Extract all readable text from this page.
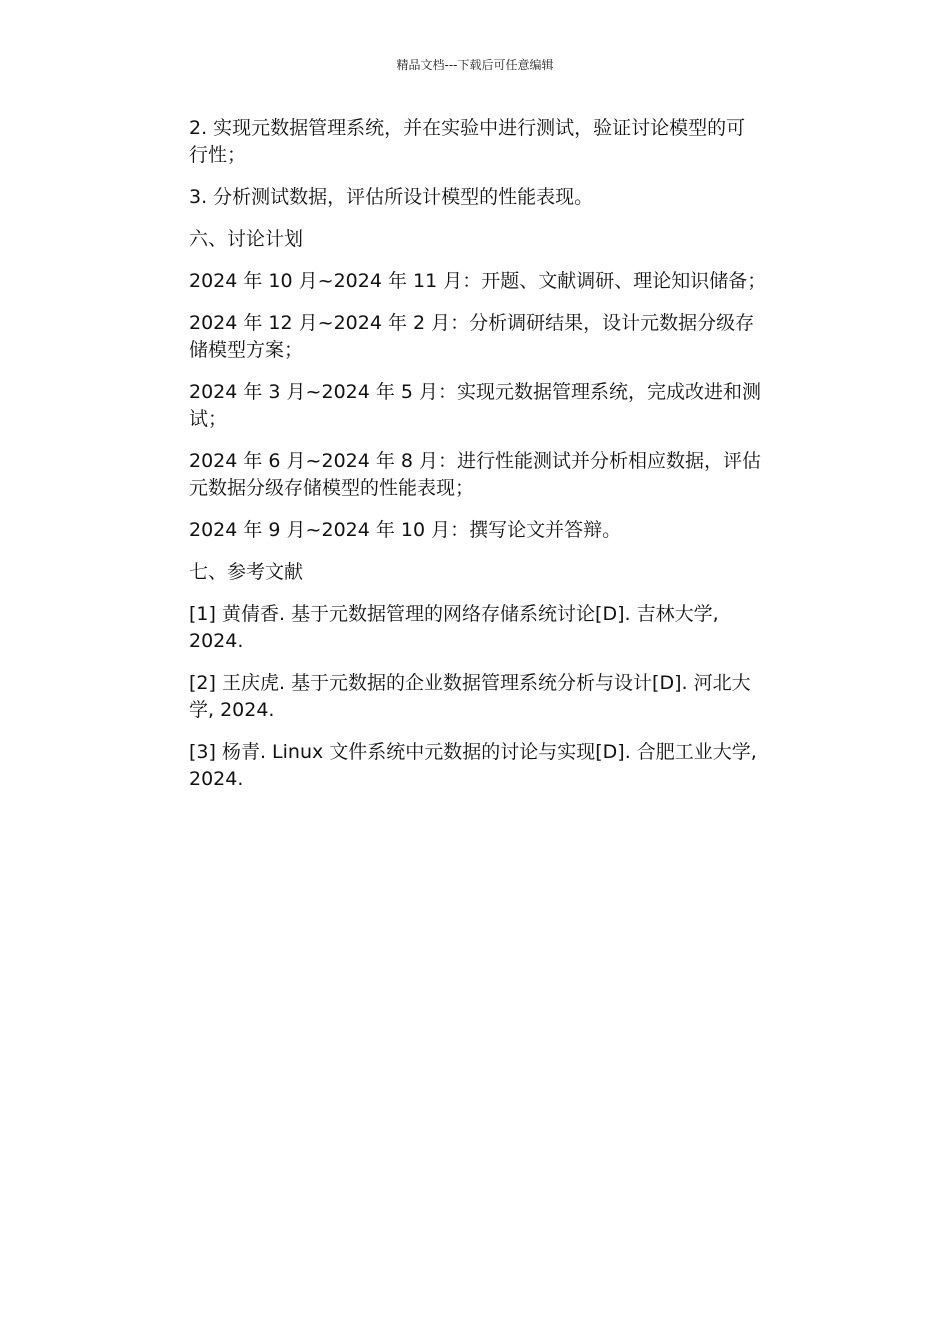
精品文档---下载后可任意编辑

2. 实现元数据管理系统，并在实验中进行测试，验证讨论模型的可
行性；

3. 分析测试数据，评估所设计模型的性能表现。

六、讨论计划

2024 年 10 月~2024 年 11 月：开题、文献调研、理论知识储备；

2024 年 12 月~2024 年 2 月：分析调研结果，设计元数据分级存
储模型方案；

2024 年 3 月~2024 年 5 月：实现元数据管理系统，完成改进和测
试；

2024 年 6 月~2024 年 8 月：进行性能测试并分析相应数据，评估
元数据分级存储模型的性能表现；

2024 年 9 月~2024 年 10 月：撰写论文并答辩。

七、参考文献

[1] 黄倩香. 基于元数据管理的网络存储系统讨论[D]. 吉林大学,
2024.

[2] 王庆虎. 基于元数据的企业数据管理系统分析与设计[D]. 河北大
学, 2024.

[3] 杨青. Linux 文件系统中元数据的讨论与实现[D]. 合肥工业大学,
2024.
